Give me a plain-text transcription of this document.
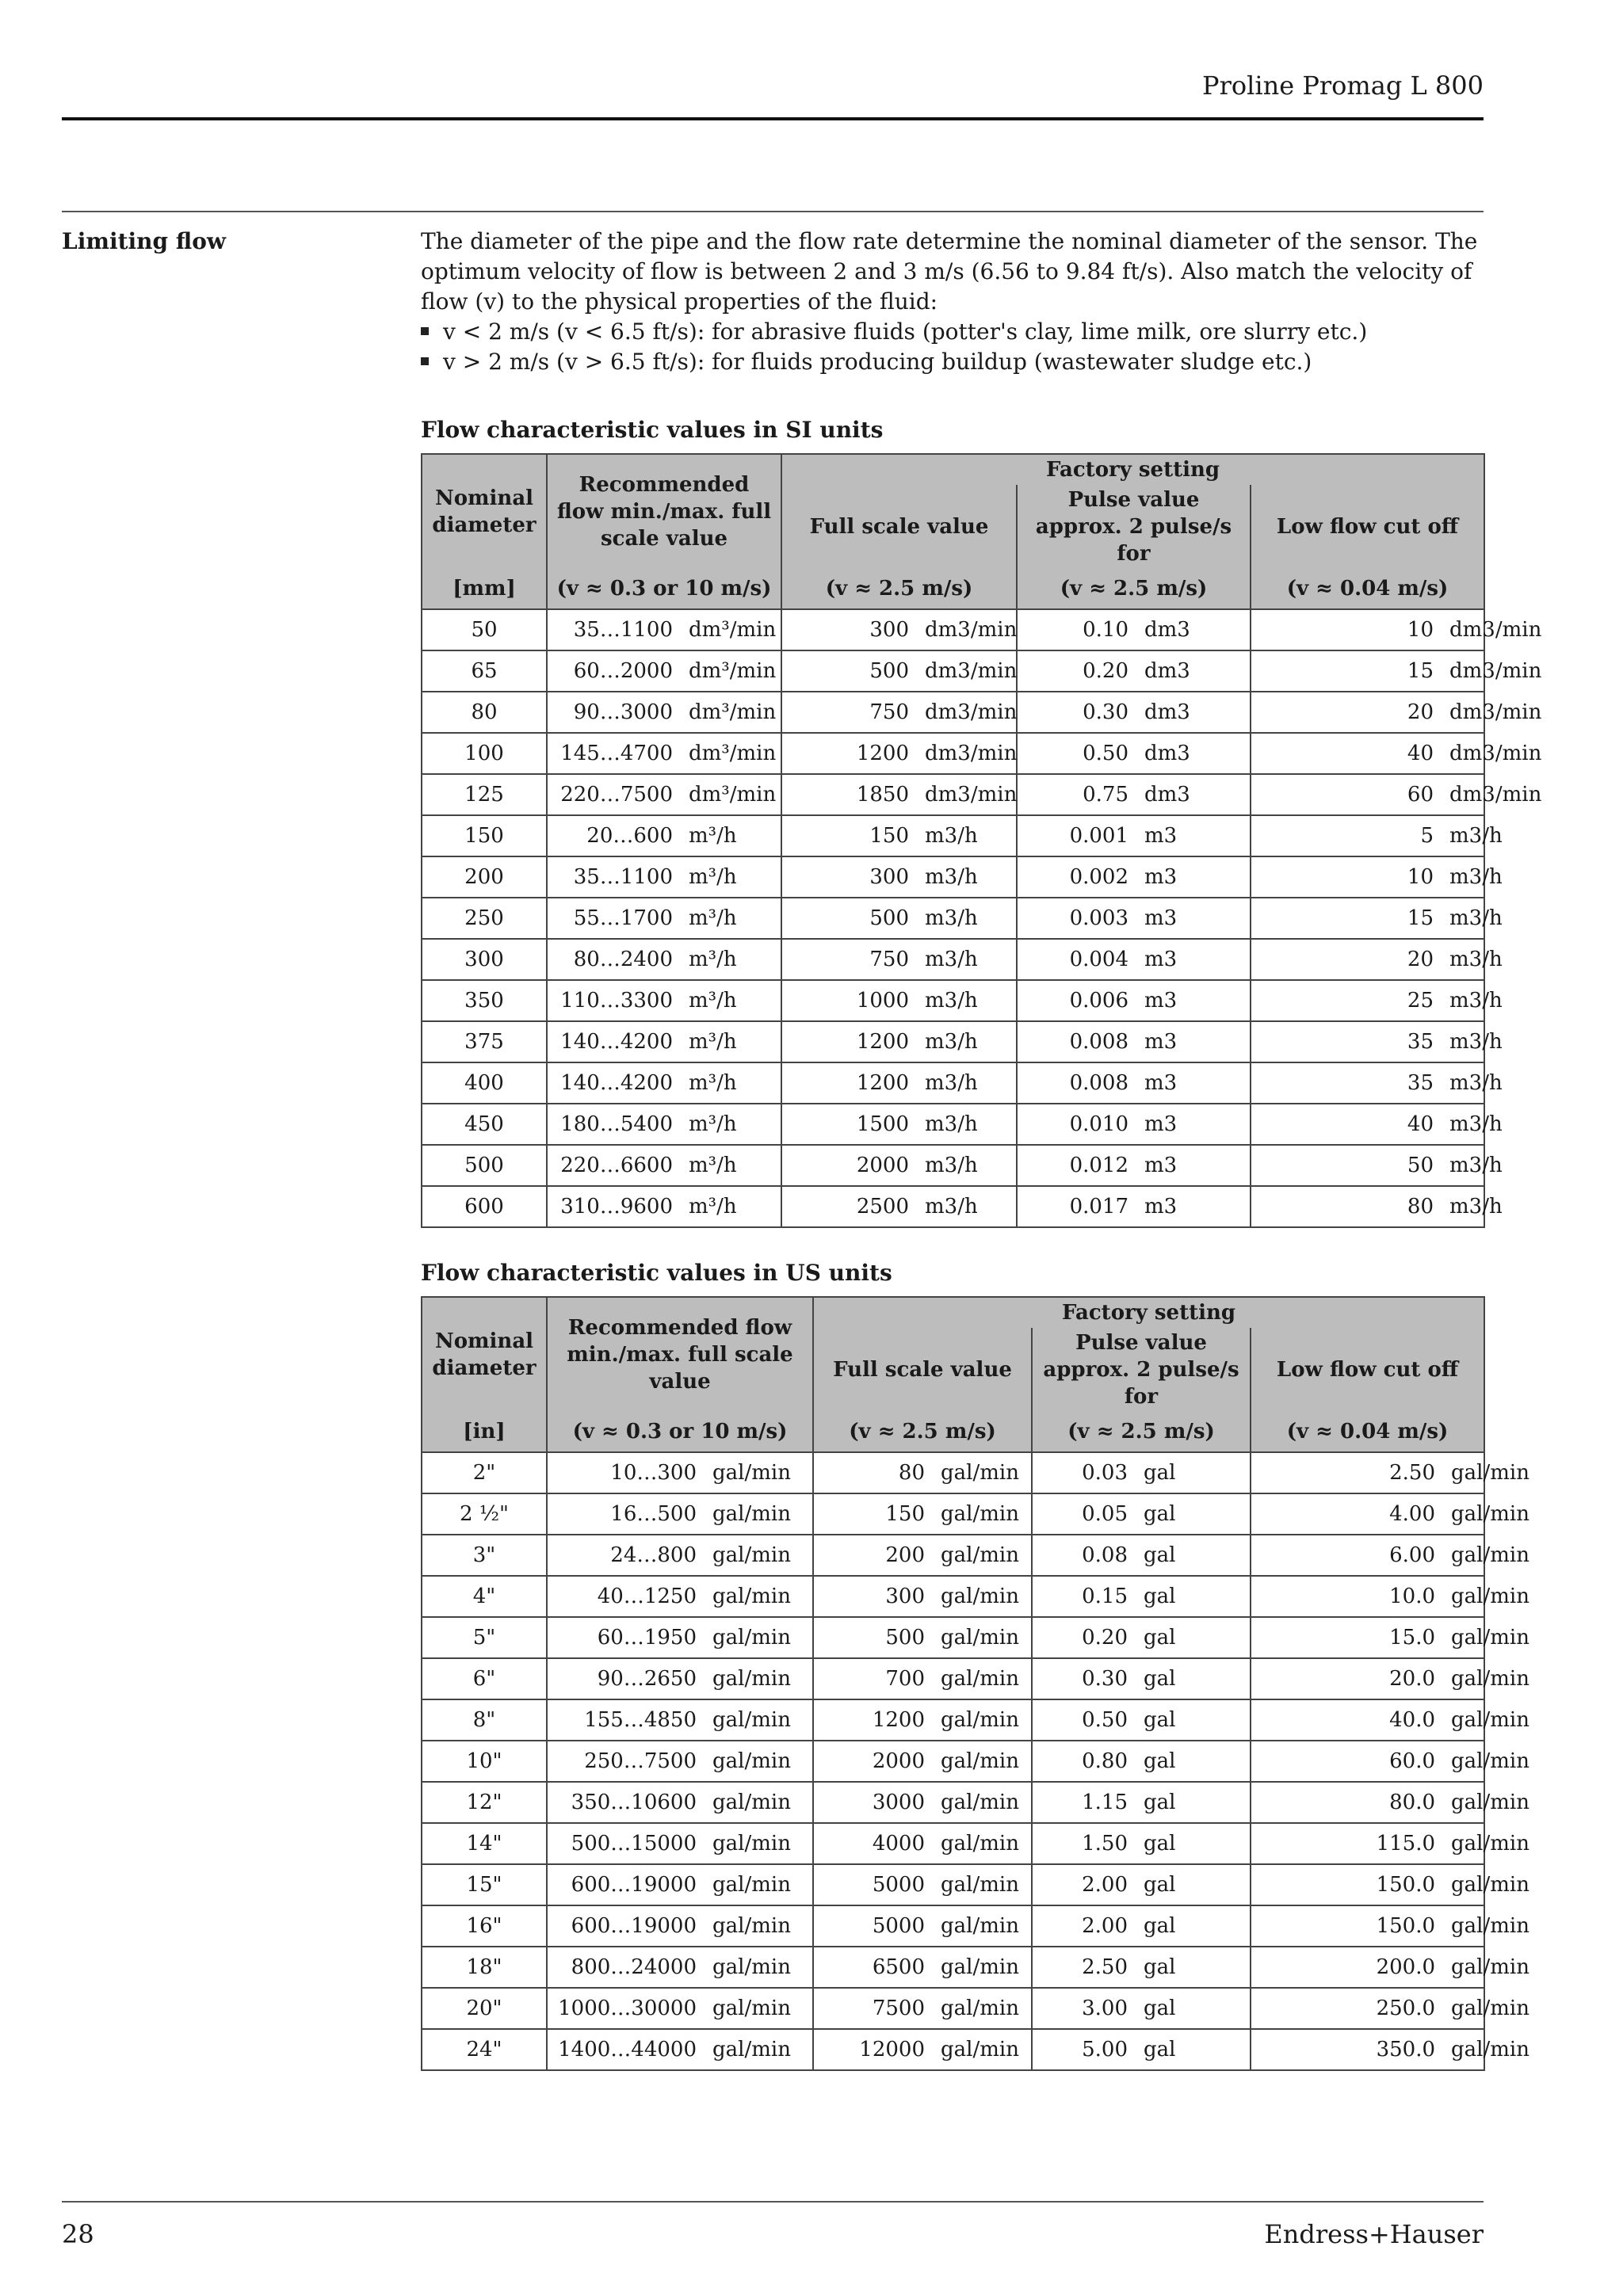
Proline Promag L 800
Limiting flow	The diameter of the pipe and the flow rate determine the nominal diameter of the sensor. The optimum velocity of flow is between 2 and 3 m/s (6.56 to 9.84 ft/s). Also match the velocity of flow (v) to the physical properties of the fluid:

v < 2 m/s (v < 6.5 ft/s): for abrasive fluids (potter's clay, lime milk, ore slurry etc.)
v > 2 m/s (v > 6.5 ft/s): for fluids producing buildup (wastewater sludge etc.)
Flow characteristic values in SI units
Nominal diameter	Recommended flow min./max. full scale value	Factory setting		
		Full scale value	Pulse value approx. 2 pulse/s for	Low flow cut off
[mm]	(v ≈ 0.3 or 10 m/s)	(v ≈ 2.5 m/s)	(v ≈ 2.5 m/s)	(v ≈ 0.04 m/s)
50	35…1100 dm³/min	300 dm3/min	0.10 dm3	10 dm3/min
65	60…2000 dm³/min	500 dm3/min	0.20 dm3	15 dm3/min
80	90…3000 dm³/min	750 dm3/min	0.30 dm3	20 dm3/min
100	145…4700 dm³/min	1200 dm3/min	0.50 dm3	40 dm3/min
125	220…7500 dm³/min	1850 dm3/min	0.75 dm3	60 dm3/min
150	20…600 m³/h	150 m3/h	0.001 m3	5 m3/h
200	35…1100 m³/h	300 m3/h	0.002 m3	10 m3/h
250	55…1700 m³/h	500 m3/h	0.003 m3	15 m3/h
300	80…2400 m³/h	750 m3/h	0.004 m3	20 m3/h
350	110…3300 m³/h	1000 m3/h	0.006 m3	25 m3/h
375	140…4200 m³/h	1200 m3/h	0.008 m3	35 m3/h
400	140…4200 m³/h	1200 m3/h	0.008 m3	35 m3/h
450	180…5400 m³/h	1500 m3/h	0.010 m3	40 m3/h
500	220…6600 m³/h	2000 m3/h	0.012 m3	50 m3/h
600	310…9600 m³/h	2500 m3/h	0.017 m3	80 m3/h
Flow characteristic values in US units
Nominal diameter	Recommended flow min./max. full scale value	Factory setting		
		Full scale value	Pulse value approx. 2 pulse/s for	Low flow cut off
[in]	(v ≈ 0.3 or 10 m/s)	(v ≈ 2.5 m/s)	(v ≈ 2.5 m/s)	(v ≈ 0.04 m/s)
2"	10…300 gal/min	80 gal/min	0.03 gal	2.50 gal/min
2 ½"	16…500 gal/min	150 gal/min	0.05 gal	4.00 gal/min
3"	24…800 gal/min	200 gal/min	0.08 gal	6.00 gal/min
4"	40…1250 gal/min	300 gal/min	0.15 gal	10.0 gal/min
5"	60…1950 gal/min	500 gal/min	0.20 gal	15.0 gal/min
6"	90…2650 gal/min	700 gal/min	0.30 gal	20.0 gal/min
8"	155…4850 gal/min	1200 gal/min	0.50 gal	40.0 gal/min
10"	250…7500 gal/min	2000 gal/min	0.80 gal	60.0 gal/min
12"	350…10600 gal/min	3000 gal/min	1.15 gal	80.0 gal/min
14"	500…15000 gal/min	4000 gal/min	1.50 gal	115.0 gal/min
15"	600…19000 gal/min	5000 gal/min	2.00 gal	150.0 gal/min
16"	600…19000 gal/min	5000 gal/min	2.00 gal	150.0 gal/min
18"	800…24000 gal/min	6500 gal/min	2.50 gal	200.0 gal/min
20"	1000…30000 gal/min	7500 gal/min	3.00 gal	250.0 gal/min
24"	1400…44000 gal/min	12000 gal/min	5.00 gal	350.0 gal/min
28	Endress+Hauser
